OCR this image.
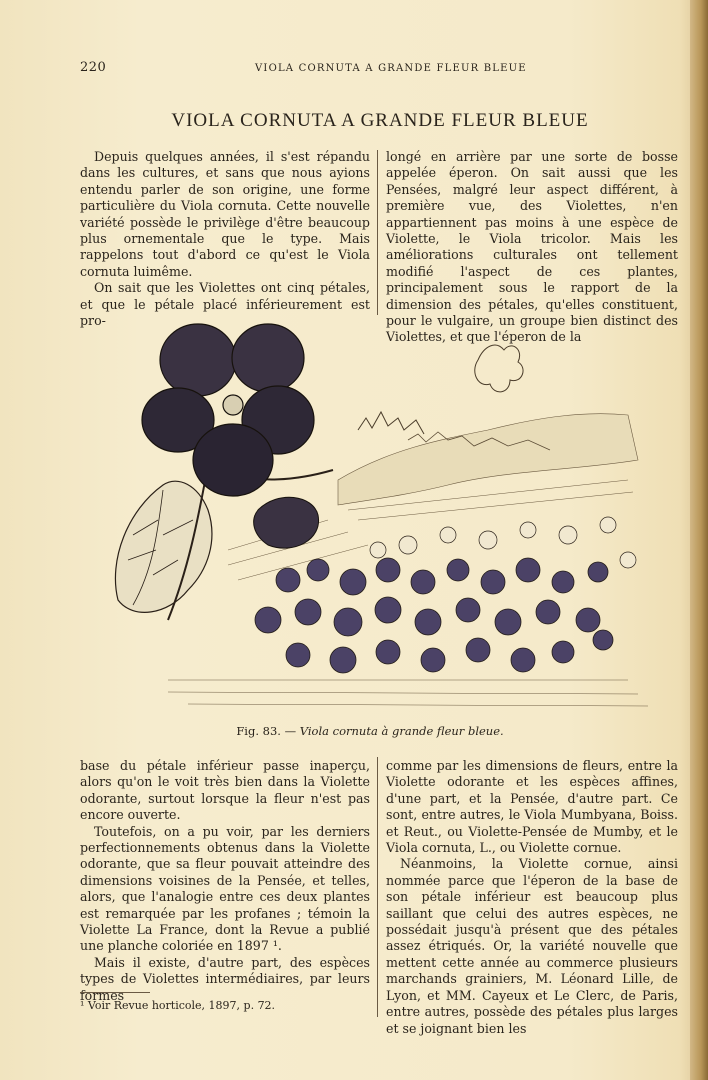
220	VIOLA CORNUTA A GRANDE FLEUR BLEUE
VIOLA CORNUTA A GRANDE FLEUR BLEUE

Depuis quelques années, il s'est répandu dans les cultures, et sans que nous ayions entendu parler de son origine, une forme particulière du Viola cornuta. Cette nouvelle variété possède le privilège d'être beaucoup plus ornementale que le type. Mais rappelons tout d'abord ce qu'est le Viola cornuta luimême.

On sait que les Violettes ont cinq pétales, et que le pétale placé inférieurement est pro-

longé en arrière par une sorte de bosse appelée éperon. On sait aussi que les Pensées, malgré leur aspect différent, à première vue, des Violettes, n'en appartiennent pas moins à une espèce de Violette, le Viola tricolor. Mais les améliorations culturales ont tellement modifié l'aspect de ces plantes, principalement sous le rapport de la dimension des pétales, qu'elles constituent, pour le vulgaire, un groupe bien distinct des Violettes, et que l'éperon de la

Fig. 83. — Viola cornuta à grande fleur bleue.

base du pétale inférieur passe inaperçu, alors qu'on le voit très bien dans la Violette odorante, surtout lorsque la fleur n'est pas encore ouverte.

Toutefois, on a pu voir, par les derniers perfectionnements obtenus dans la Violette odorante, que sa fleur pouvait atteindre des dimensions voisines de la Pensée, et telles, alors, que l'analogie entre ces deux plantes est remarquée par les profanes ; témoin la Violette La France, dont la Revue a publié une planche coloriée en 1897 ¹.

Mais il existe, d'autre part, des espèces types de Violettes intermédiaires, par leurs formes

comme par les dimensions de fleurs, entre la Violette odorante et les espèces affines, d'une part, et la Pensée, d'autre part. Ce sont, entre autres, le Viola Mumbyana, Boiss. et Reut., ou Violette-Pensée de Mumby, et le Viola cornuta, L., ou Violette cornue.

Néanmoins, la Violette cornue, ainsi nommée parce que l'éperon de la base de son pétale inférieur est beaucoup plus saillant que celui des autres espèces, ne possédait jusqu'à présent que des pétales assez étriqués. Or, la variété nouvelle que mettent cette année au commerce plusieurs marchands grainiers, M. Léonard Lille, de Lyon, et MM. Cayeux et Le Clerc, de Paris, entre autres, possède des pétales plus larges et se joignant bien les

¹ Voir Revue horticole, 1897, p. 72.
